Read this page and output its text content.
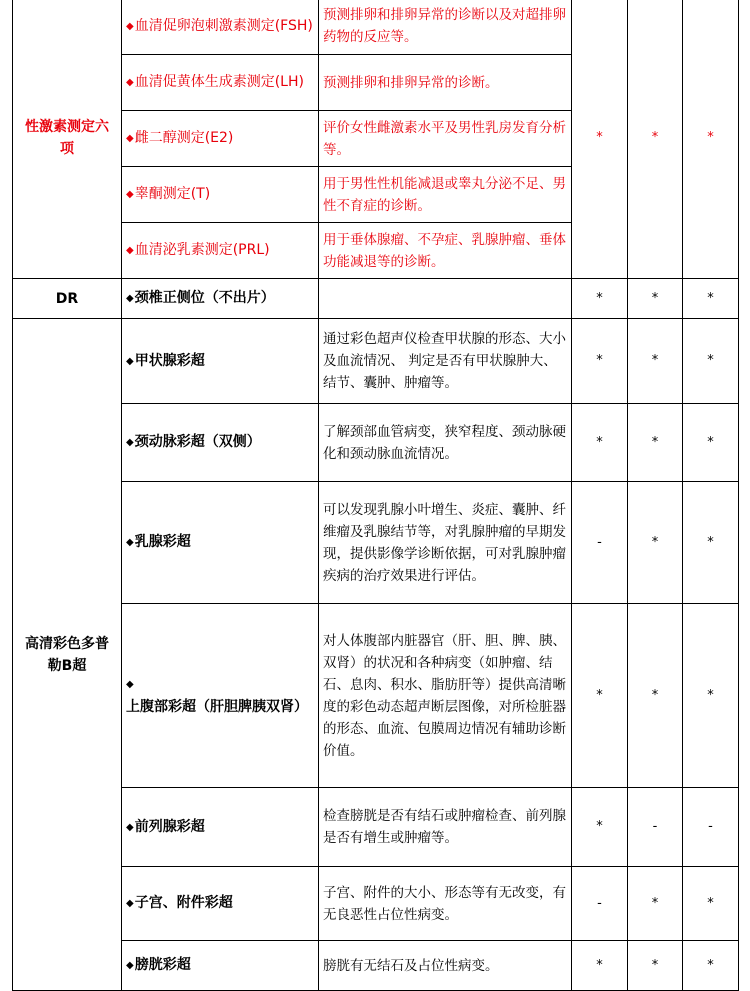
性激素测定六项	◆血清促卵泡刺激素测定(FSH)	预测排卵和排卵异常的诊断以及对超排卵药物的反应等。	*	*	*
	◆血清促黄体生成素测定(LH)	预测排卵和排卵异常的诊断。			
	◆雌二醇测定(E2)	评价女性雌激素水平及男性乳房发育分析等。			
	◆睾酮测定(T)	用于男性性机能减退或睾丸分泌不足、男性不育症的诊断。			
	◆血清泌乳素测定(PRL)	用于垂体腺瘤、不孕症、乳腺肿瘤、垂体功能减退等的诊断。			
DR	◆颈椎正侧位（不出片）		*	*	*
高清彩色多普勒B超	◆甲状腺彩超	通过彩色超声仪检查甲状腺的形态、大小及血流情况、 判定是否有甲状腺肿大、结节、囊肿、肿瘤等。	*	*	*
	◆颈动脉彩超（双侧）	了解颈部血管病变，狭窄程度、颈动脉硬化和颈动脉血流情况。	*	*	*
	◆乳腺彩超	可以发现乳腺小叶增生、炎症、囊肿、纤维瘤及乳腺结节等，对乳腺肿瘤的早期发现，提供影像学诊断依据，可对乳腺肿瘤疾病的治疗效果进行评估。	-	*	*
	◆上腹部彩超（肝胆脾胰双肾）	对人体腹部内脏器官（肝、胆、脾、胰、双肾）的状况和各种病变（如肿瘤、结石、息肉、积水、脂肪肝等）提供高清晰度的彩色动态超声断层图像，对所检脏器的形态、血流、包膜周边情况有辅助诊断价值。	*	*	*
	◆前列腺彩超	检查膀胱是否有结石或肿瘤检查、前列腺是否有增生或肿瘤等。	*	-	-
	◆子宫、附件彩超	子宫、附件的大小、形态等有无改变，有无良恶性占位性病变。	-	*	*
	◆膀胱彩超	膀胱有无结石及占位性病变。	*	*	*
